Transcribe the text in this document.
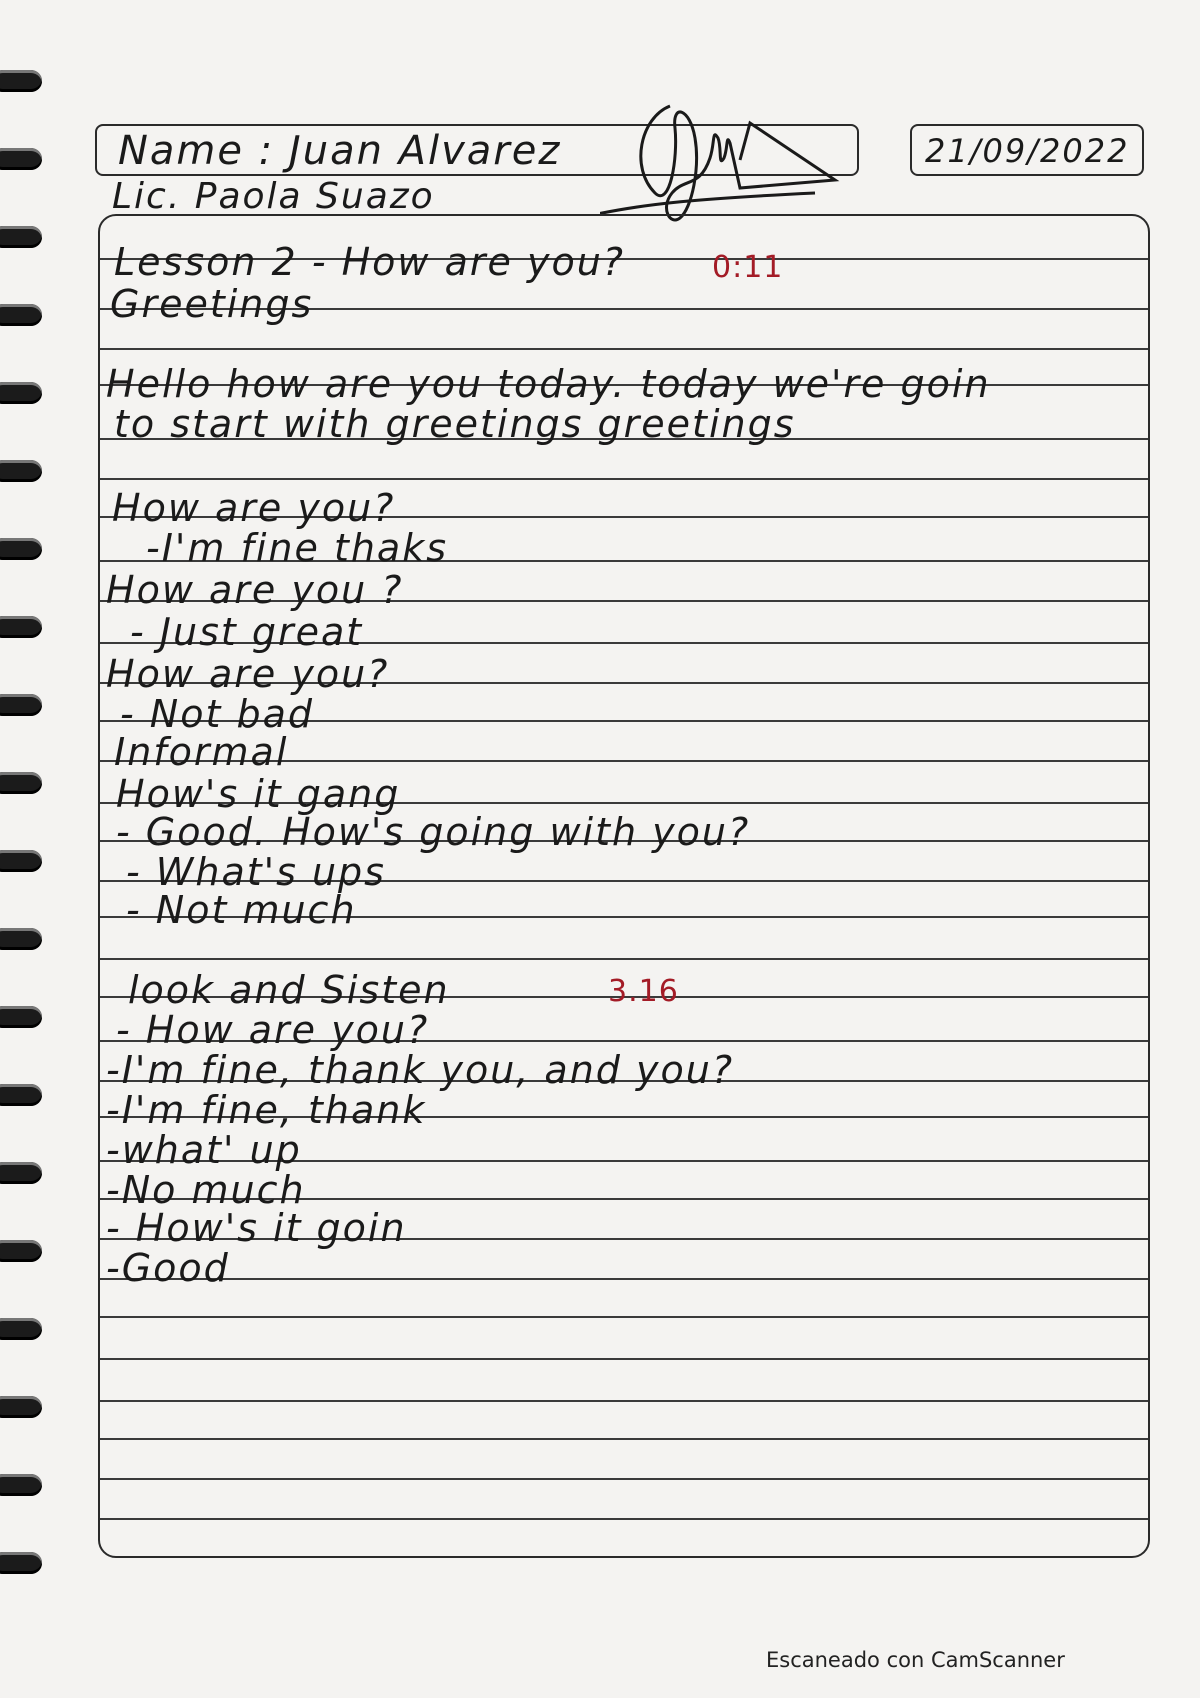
Name : Juan Alvarez
Lic. Paola Suazo
21/09/2022
Lesson 2 - How are you?	0:11
Greetings
Hello how are you today. today we're goin
to start with greetings greetings
How are you?
-I'm fine thaks
How are you ?
- Just great
How are you?
- Not bad
Informal
How's it gang
- Good. How's going with you?
- What's ups
- Not much
look and Sisten	3.16
- How are you?
-I'm fine, thank you, and you?
-I'm fine, thank
-what' up
-No much
- How's it goin
-Good
Escaneado con CamScanner
